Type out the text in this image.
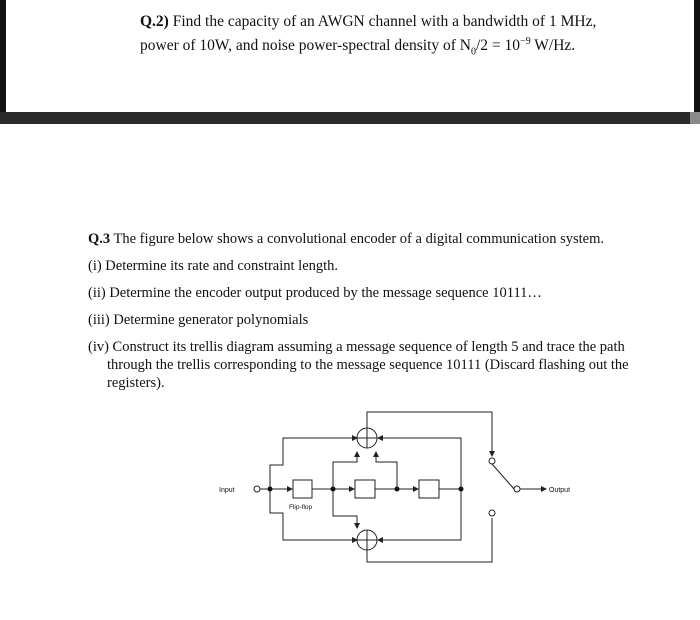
Q.2) Find the capacity of an AWGN channel with a bandwidth of 1 MHz,
power of 10W, and noise power-spectral density of $N_0/2 = 10^{-9}$ W/Hz.
Q.3 The figure below shows a convolutional encoder of a digital communication system.
(i) Determine its rate and constraint length.
(ii) Determine the encoder output produced by the message sequence 10111…
(iii) Determine generator polynomials
(iv) Construct its trellis diagram assuming a message sequence of length 5 and trace the path through the trellis corresponding to the message sequence 10111 (Discard flashing out the registers).
Input	Output
Flip-flop
